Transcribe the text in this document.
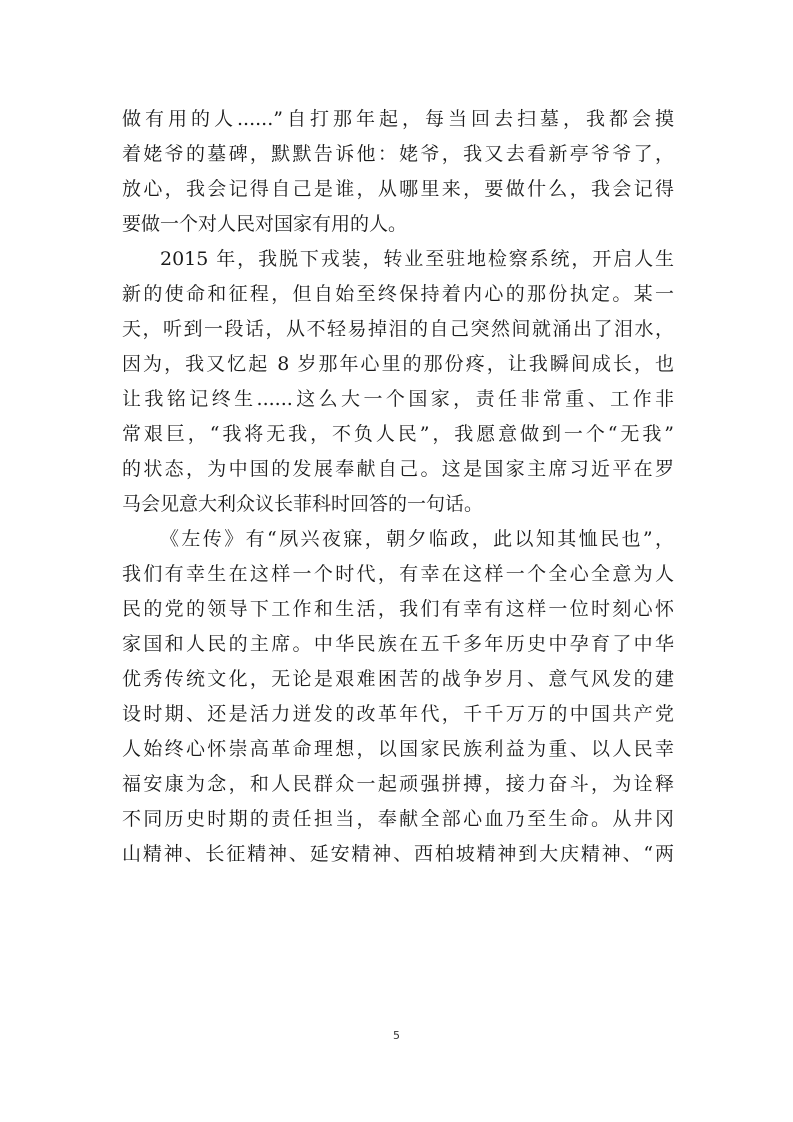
做有用的人......”自打那年起，每当回去扫墓，我都会摸
着姥爷的墓碑，默默告诉他：姥爷，我又去看新亭爷爷了，
放心，我会记得自己是谁，从哪里来，要做什么，我会记得
要做一个对人民对国家有用的人。
2015 年，我脱下戎装，转业至驻地检察系统，开启人生
新的使命和征程，但自始至终保持着内心的那份执定。某一
天，听到一段话，从不轻易掉泪的自己突然间就涌出了泪水，
因为，我又忆起 8 岁那年心里的那份疼，让我瞬间成长，也
让我铭记终生......这么大一个国家，责任非常重、工作非
常艰巨，“我将无我，不负人民”，我愿意做到一个“无我”
的状态，为中国的发展奉献自己。这是国家主席习近平在罗
马会见意大利众议长菲科时回答的一句话。
《左传》有“夙兴夜寐，朝夕临政，此以知其恤民也”，
我们有幸生在这样一个时代，有幸在这样一个全心全意为人
民的党的领导下工作和生活，我们有幸有这样一位时刻心怀
家国和人民的主席。中华民族在五千多年历史中孕育了中华
优秀传统文化，无论是艰难困苦的战争岁月、意气风发的建
设时期、还是活力迸发的改革年代，千千万万的中国共产党
人始终心怀崇高革命理想，以国家民族利益为重、以人民幸
福安康为念，和人民群众一起顽强拼搏，接力奋斗，为诠释
不同历史时期的责任担当，奉献全部心血乃至生命。从井冈
山精神、长征精神、延安精神、西柏坡精神到大庆精神、“两
5
